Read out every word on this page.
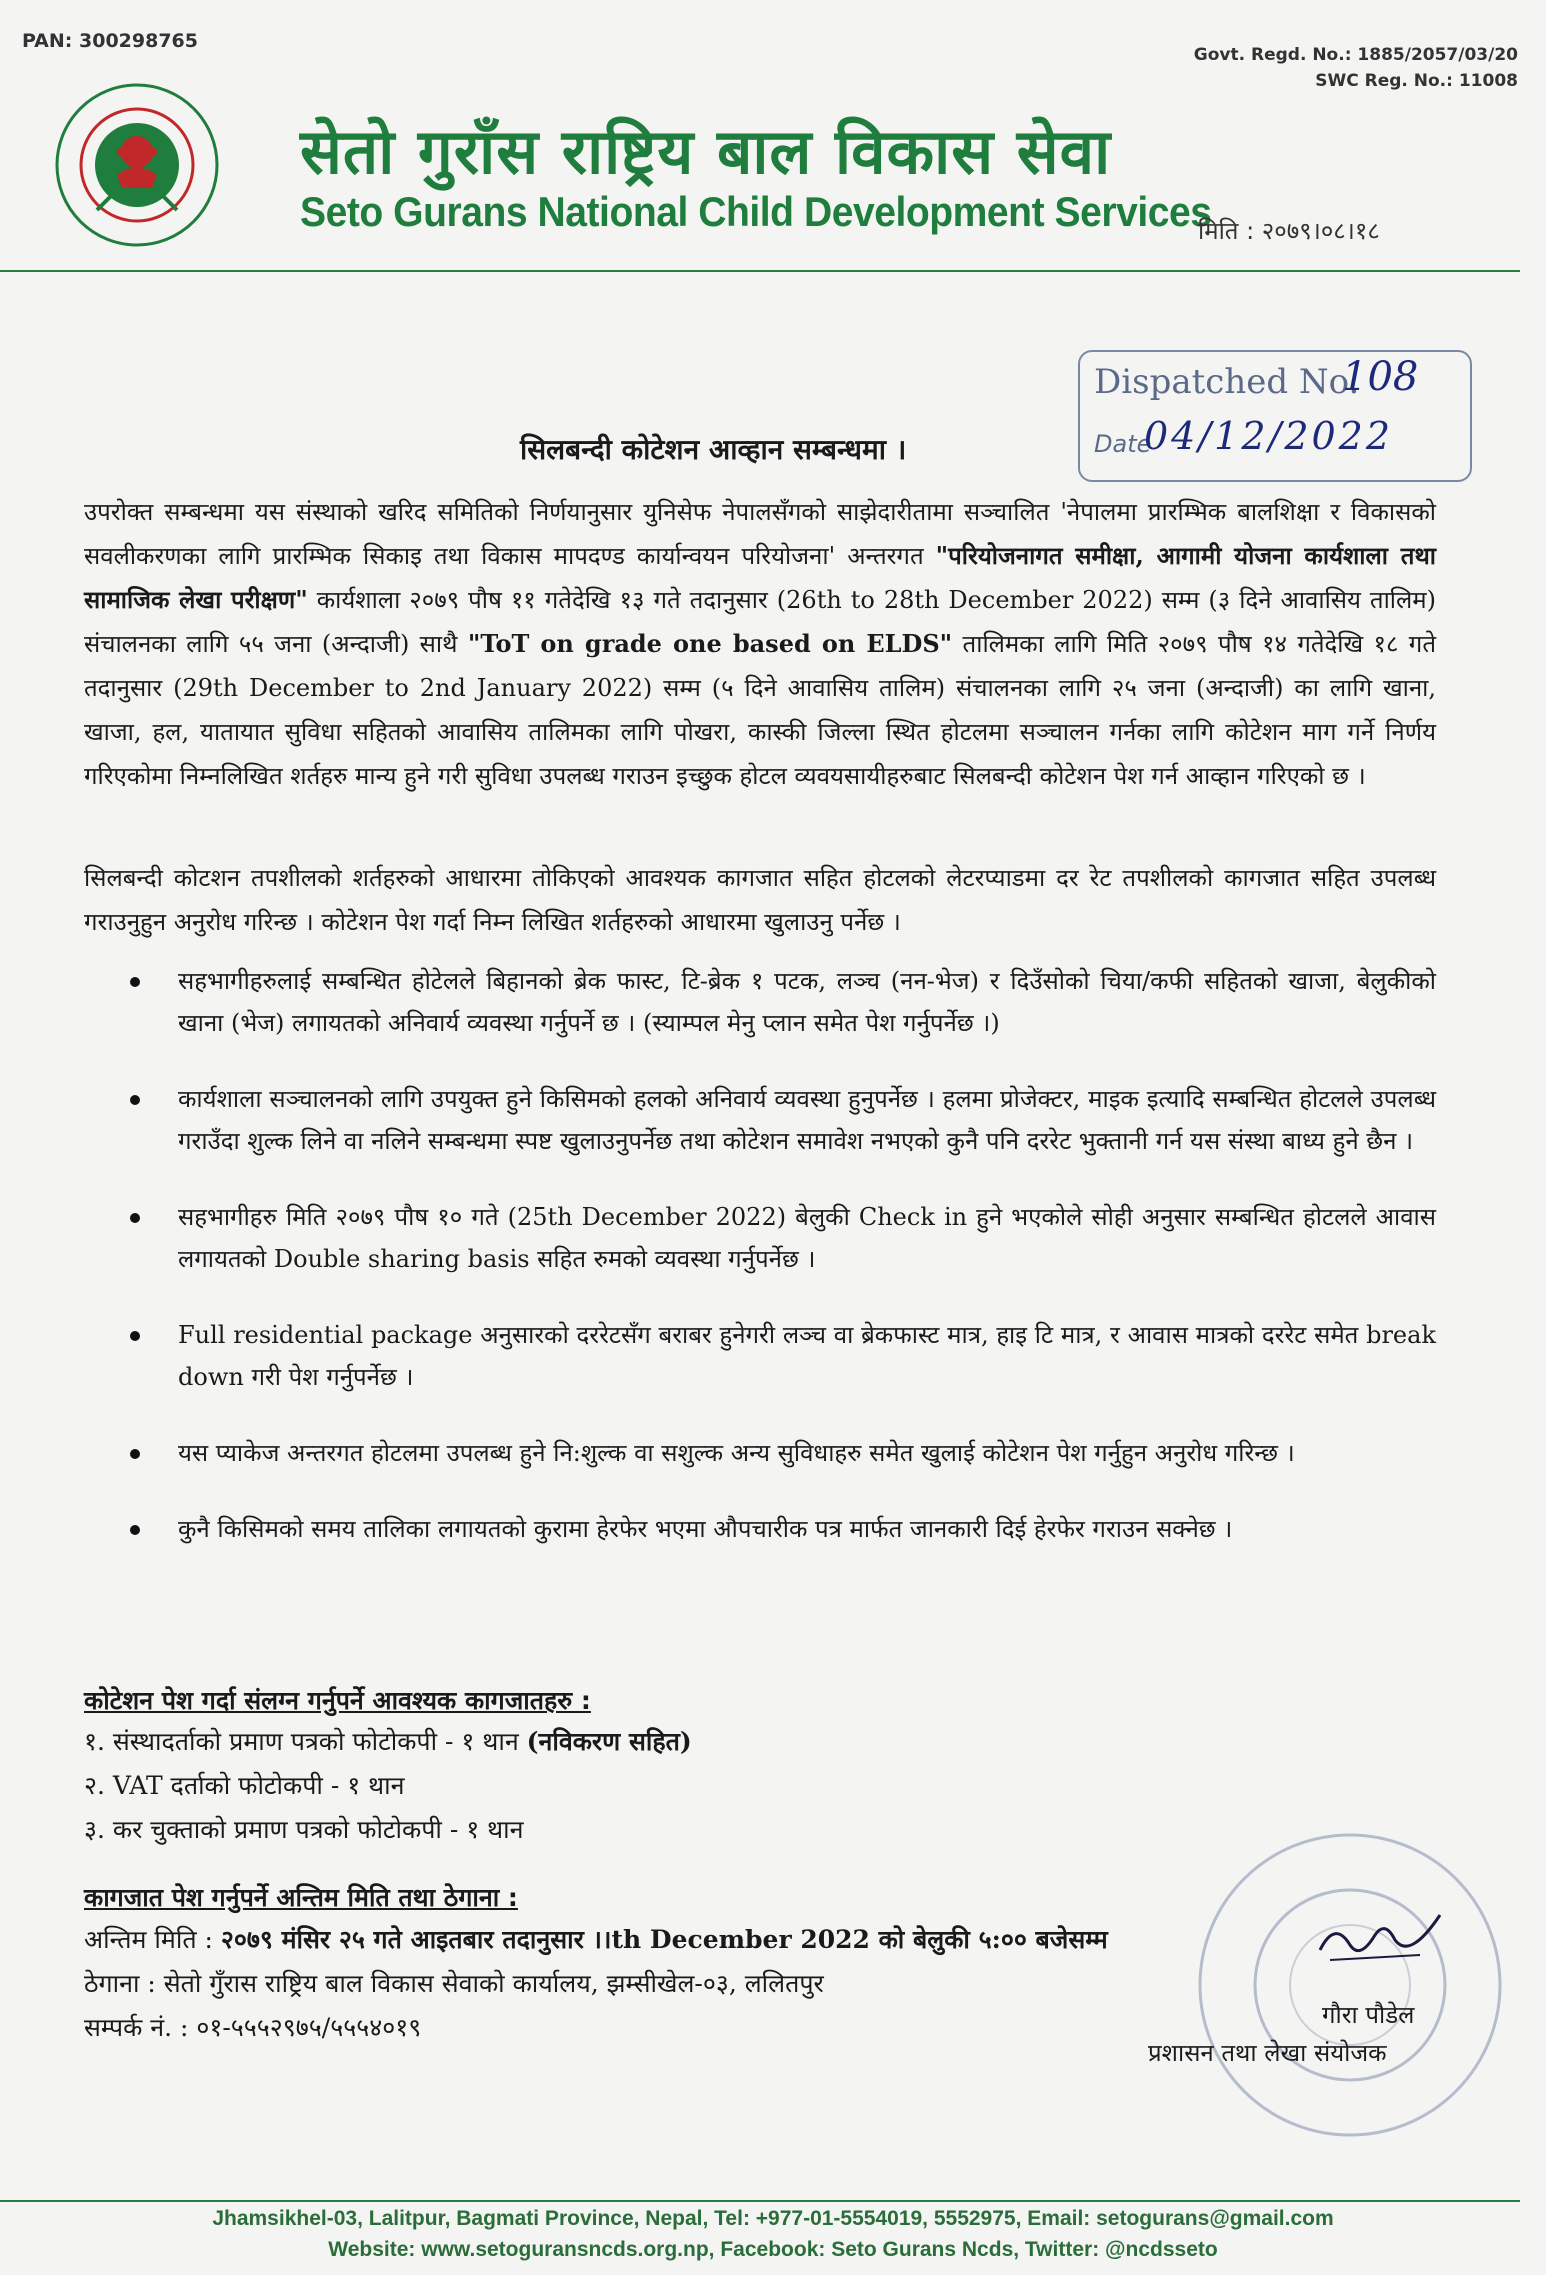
PAN: 300298765
Govt. Regd. No.: 1885/2057/03/20
SWC Reg. No.: 11008
सेतो गुराँस राष्ट्रिय बाल विकास सेवा
Seto Gurans National Child Development Services
मिति : २०७९।०८।१८
Dispatched No.
108
Date
04/12/2022
सिलबन्दी कोटेशन आव्हान सम्बन्धमा ।
उपरोक्त सम्बन्धमा यस संस्थाको खरिद समितिको निर्णयानुसार युनिसेफ नेपालसँगको साझेदारीतामा सञ्चालित 'नेपालमा प्रारम्भिक बालशिक्षा र विकासको सवलीकरणका लागि प्रारम्भिक सिकाइ तथा विकास मापदण्ड कार्यान्वयन परियोजना' अन्तरगत "परियोजनागत समीक्षा, आगामी योजना कार्यशाला तथा सामाजिक लेखा परीक्षण" कार्यशाला २०७९ पौष ११ गतेदेखि १३ गते तदानुसार (26th to 28th December 2022) सम्म (३ दिने आवासिय तालिम) संचालनका लागि ५५ जना (अन्दाजी) साथै "ToT on grade one based on ELDS" तालिमका लागि मिति २०७९ पौष १४ गतेदेखि १८ गते तदानुसार (29th December to 2nd January 2022) सम्म (५ दिने आवासिय तालिम) संचालनका लागि २५ जना (अन्दाजी) का लागि खाना, खाजा, हल, यातायात सुविधा सहितको आवासिय तालिमका लागि पोखरा, कास्की जिल्ला स्थित होटलमा सञ्चालन गर्नका लागि कोटेशन माग गर्ने निर्णय गरिएकोमा निम्नलिखित शर्तहरु मान्य हुने गरी सुविधा उपलब्ध गराउन इच्छुक होटल व्यवयसायीहरुबाट सिलबन्दी कोटेशन पेश गर्न आव्हान गरिएको छ ।
सिलबन्दी कोटशन तपशीलको शर्तहरुको आधारमा तोकिएको आवश्यक कागजात सहित होटलको लेटरप्याडमा दर रेट तपशीलको कागजात सहित उपलब्ध गराउनुहुन अनुरोध गरिन्छ । कोटेशन पेश गर्दा निम्न लिखित शर्तहरुको आधारमा खुलाउनु पर्नेछ ।
सहभागीहरुलाई सम्बन्धित होटेलले बिहानको ब्रेक फास्ट, टि-ब्रेक १ पटक, लञ्च (नन-भेज) र दिउँसोको चिया/कफी सहितको खाजा, बेलुकीको खाना (भेज) लगायतको अनिवार्य व्यवस्था गर्नुपर्ने छ । (स्याम्पल मेनु प्लान समेत पेश गर्नुपर्नेछ ।)
कार्यशाला सञ्चालनको लागि उपयुक्त हुने किसिमको हलको अनिवार्य व्यवस्था हुनुपर्नेछ । हलमा प्रोजेक्टर, माइक इत्यादि सम्बन्धित होटलले उपलब्ध गराउँदा शुल्क लिने वा नलिने सम्बन्धमा स्पष्ट खुलाउनुपर्नेछ तथा कोटेशन समावेश नभएको कुनै पनि दररेट भुक्तानी गर्न यस संस्था बाध्य हुने छैन ।
सहभागीहरु मिति २०७९ पौष १० गते (25th December 2022) बेलुकी Check in हुने भएकोले सोही अनुसार सम्बन्धित होटलले आवास लगायतको Double sharing basis सहित रुमको व्यवस्था गर्नुपर्नेछ ।
Full residential package अनुसारको दररेटसँग बराबर हुनेगरी लञ्च वा ब्रेकफास्ट मात्र, हाइ टि मात्र, र आवास मात्रको दररेट समेत break down गरी पेश गर्नुपर्नेछ ।
यस प्याकेज अन्तरगत होटलमा उपलब्ध हुने नि:शुल्क वा सशुल्क अन्य सुविधाहरु समेत खुलाई कोटेशन पेश गर्नुहुन अनुरोध गरिन्छ ।
कुनै किसिमको समय तालिका लगायतको कुरामा हेरफेर भएमा औपचारीक पत्र मार्फत जानकारी दिई हेरफेर गराउन सक्नेछ ।
कोटेशन पेश गर्दा संलग्न गर्नुपर्ने आवश्यक कागजातहरु :
१. संस्थादर्ताको प्रमाण पत्रको फोटोकपी - १ थान (नविकरण सहित)
२. VAT दर्ताको फोटोकपी - १ थान
३. कर चुक्ताको प्रमाण पत्रको फोटोकपी - १ थान
कागजात पेश गर्नुपर्ने अन्तिम मिति तथा ठेगाना :
अन्तिम मिति : २०७९ मंसिर २५ गते आइतबार तदानुसार ।।th December 2022 को बेलुकी ५:०० बजेसम्म
ठेगाना : सेतो गुँरास राष्ट्रिय बाल विकास सेवाको कार्यालय, झम्सीखेल-०३, ललितपुर
सम्पर्क नं. : ०१-५५५२९७५/५५५४०१९	गौरा पौडेल
प्रशासन तथा लेखा संयोजक
Jhamsikhel-03, Lalitpur, Bagmati Province, Nepal, Tel: +977-01-5554019, 5552975, Email: setogurans@gmail.com
Website: www.setoguransncds.org.np, Facebook: Seto Gurans Ncds, Twitter: @ncdsseto
